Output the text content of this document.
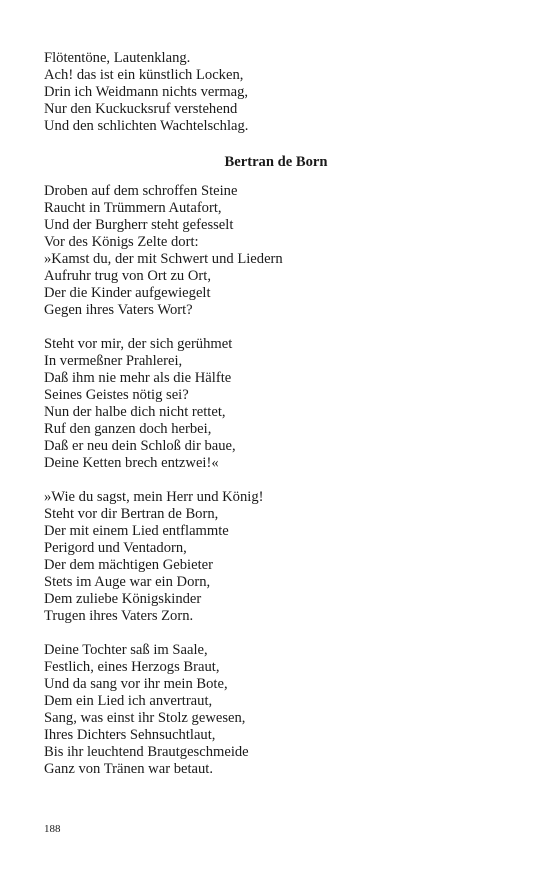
Flötentöne, Lautenklang.
Ach! das ist ein künstlich Locken,
Drin ich Weidmann nichts vermag,
Nur den Kuckucksruf verstehend
Und den schlichten Wachtelschlag.
Bertran de Born
Droben auf dem schroffen Steine
Raucht in Trümmern Autafort,
Und der Burgherr steht gefesselt
Vor des Königs Zelte dort:
»Kamst du, der mit Schwert und Liedern
Aufruhr trug von Ort zu Ort,
Der die Kinder aufgewiegelt
Gegen ihres Vaters Wort?
Steht vor mir, der sich gerühmet
In vermeßner Prahlerei,
Daß ihm nie mehr als die Hälfte
Seines Geistes nötig sei?
Nun der halbe dich nicht rettet,
Ruf den ganzen doch herbei,
Daß er neu dein Schloß dir baue,
Deine Ketten brech entzwei!«
»Wie du sagst, mein Herr und König!
Steht vor dir Bertran de Born,
Der mit einem Lied entflammte
Perigord und Ventadorn,
Der dem mächtigen Gebieter
Stets im Auge war ein Dorn,
Dem zuliebe Königskinder
Trugen ihres Vaters Zorn.
Deine Tochter saß im Saale,
Festlich, eines Herzogs Braut,
Und da sang vor ihr mein Bote,
Dem ein Lied ich anvertraut,
Sang, was einst ihr Stolz gewesen,
Ihres Dichters Sehnsuchtlaut,
Bis ihr leuchtend Brautgeschmeide
Ganz von Tränen war betaut.
188
